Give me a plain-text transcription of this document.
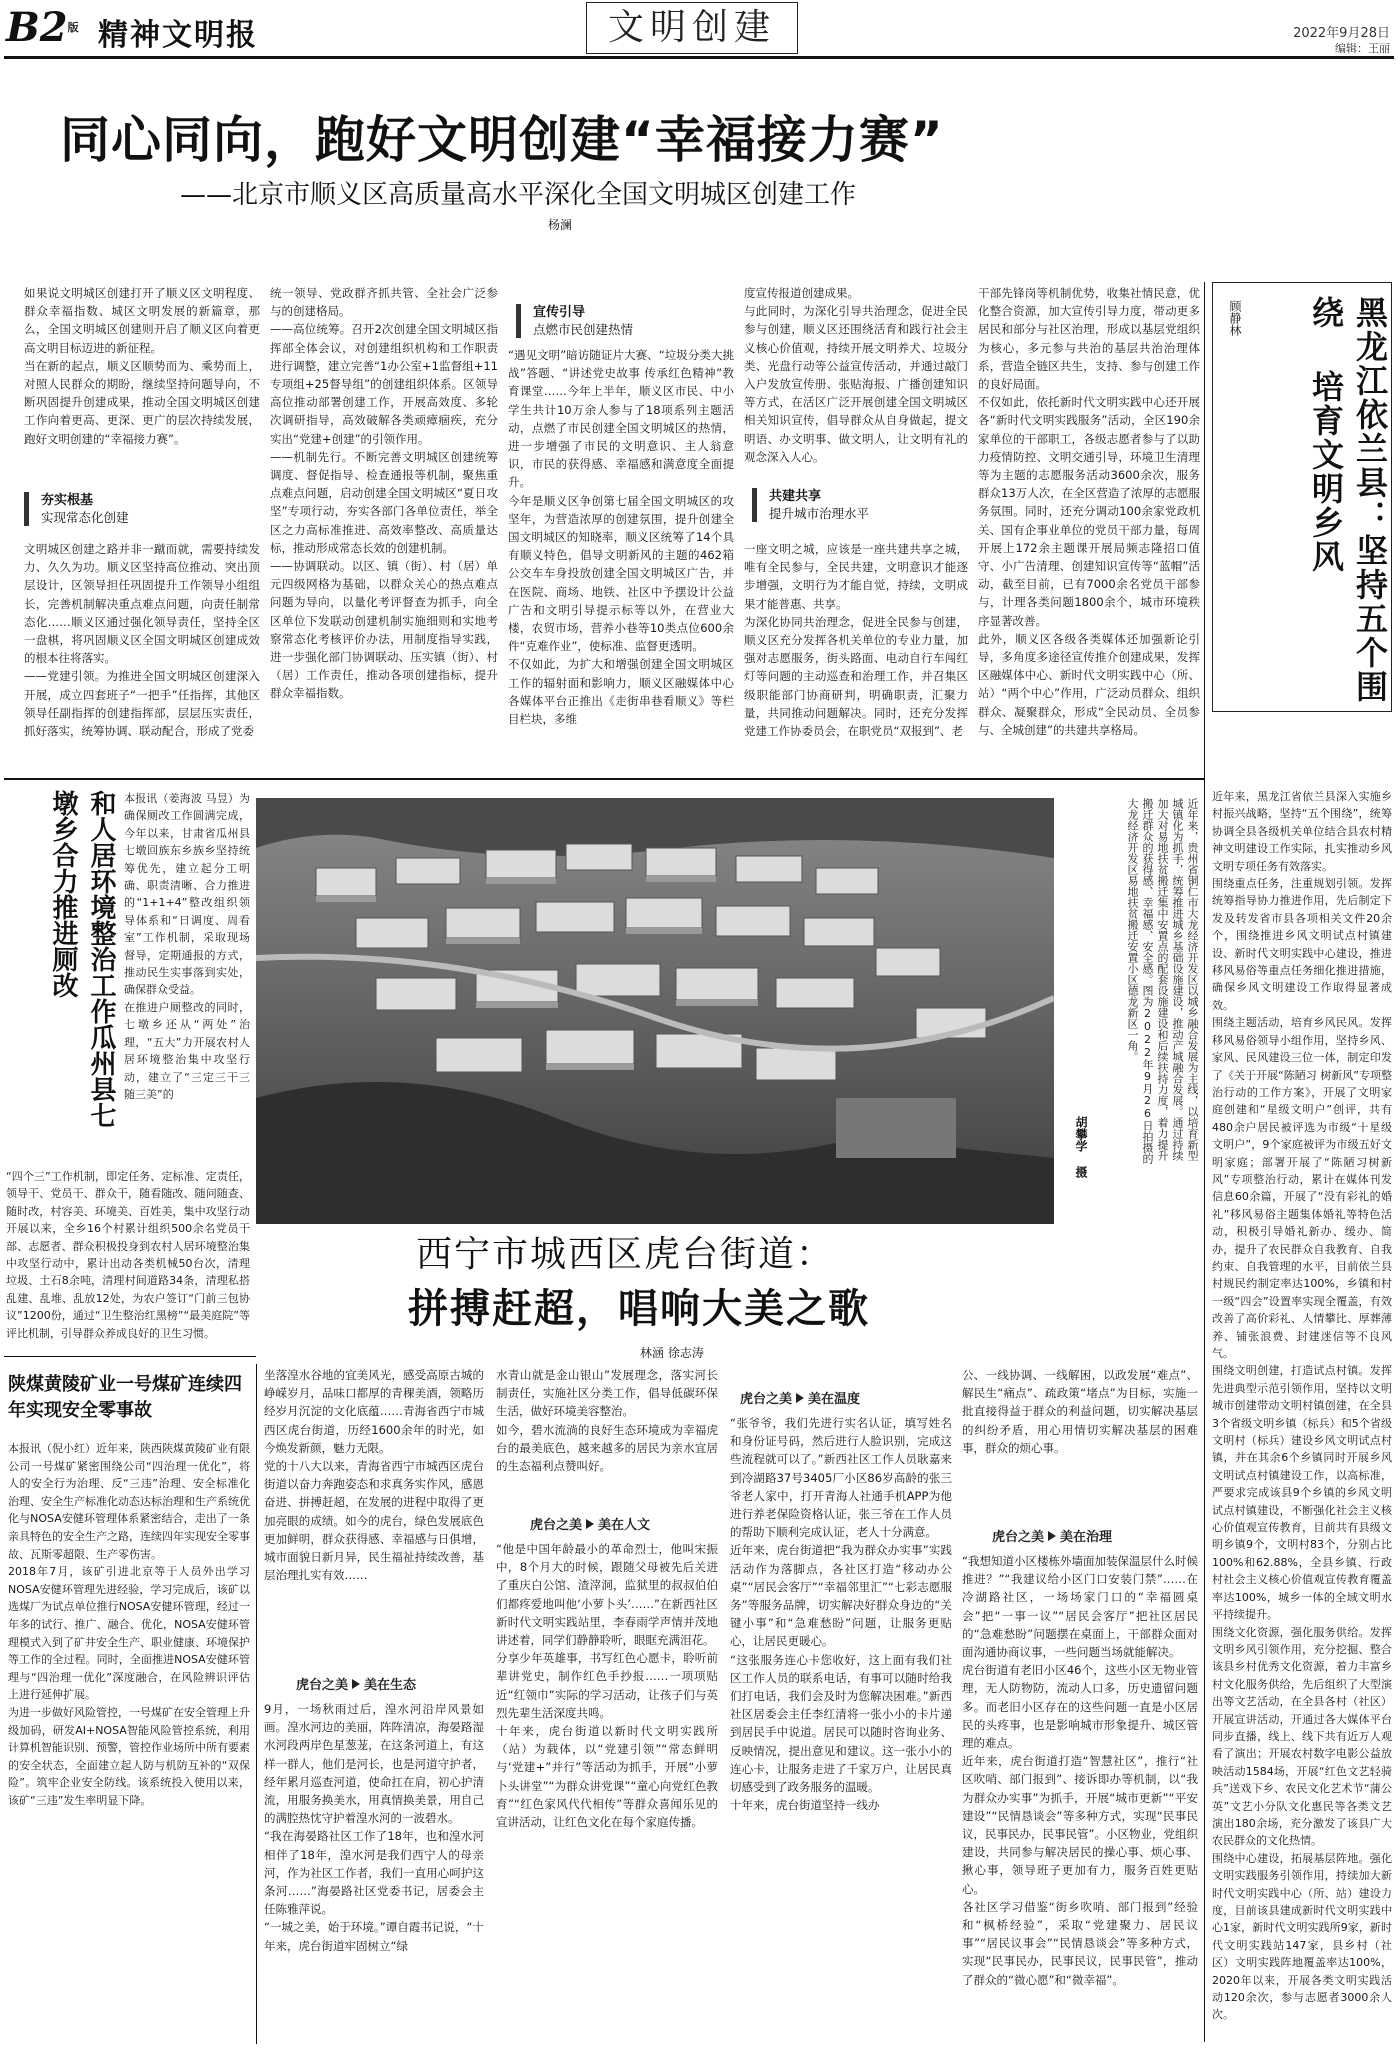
B2版 精神文明报	文明创建	2022年9月28日
编辑：王丽
同心同向，跑好文明创建“幸福接力赛”
——北京市顺义区高质量高水平深化全国文明城区创建工作
杨澜
如果说文明城区创建打开了顺义区文明程度、群众幸福指数、城区文明发展的新篇章，那么，全国文明城区创建则开启了顺义区向着更高文明目标迈进的新征程。
当在新的起点，顺义区顺势而为、乘势而上，对照人民群众的期盼，继续坚持问题导向，不断巩固提升创建成果，推动全国文明城区创建工作向着更高、更深、更广的层次持续发展，跑好文明创建的“幸福接力赛”。
夯实根基
实现常态化创建
文明城区创建之路并非一蹴而就，需要持续发力、久久为功。顺义区坚持高位推动、突出顶层设计，区领导担任巩固提升工作领导小组组长，完善机制解决重点难点问题，向责任制常态化……顺义区通过强化领导责任，坚持全区一盘棋，将巩固顺义区全国文明城区创建成效的根本往将落实。
——党建引领。为推进全国文明城区创建深入开展，成立四套班子“一把手”任指挥，其他区领导任副指挥的创建指挥部，层层压实责任，抓好落实，统筹协调、联动配合，形成了党委
统一领导、党政群齐抓共管、全社会广泛参与的创建格局。
——高位统筹。召开2次创建全国文明城区指挥部全体会议，对创建组织机构和工作职责进行调整，建立完善“1办公室+1监督组+11专项组+25督导组”的创建组织体系。区领导高位推动部署创建工作，开展高效度、多轮次调研指导，高效破解各类顽瘴痼疾，充分实出“党建+创建”的引领作用。
——机制先行。不断完善文明城区创建统筹调度、督促指导、检查通报等机制，聚焦重点难点问题，启动创建全国文明城区“夏日攻坚”专项行动，夯实各部门各单位责任，举全区之力高标准推进、高效率整改、高质量达标，推动形成常态长效的创建机制。
——协调联动。以区、镇（街）、村（居）单元四级网格为基础，以群众关心的热点难点问题为导向，以量化考评督查为抓手，向全区单位下发联动创建机制实施细则和实地考察常态化考核评价办法，用制度指导实践，进一步强化部门协调联动、压实镇（街）、村（居）工作责任，推动各项创建指标，提升群众幸福指数。
宣传引导
点燃市民创建热情
“遇见文明”暗访随证片大赛、“垃圾分类大挑战”答题、“讲述党史故事 传承红色精神”教育课堂……今年上半年，顺义区市民、中小学生共计10万余人参与了18项系列主题活动，点燃了市民创建全国文明城区的热情，进一步增强了市民的文明意识、主人翁意识，市民的获得感、幸福感和满意度全面提升。
今年是顺义区争创第七届全国文明城区的攻坚年，为营造浓厚的创建氛围，提升创建全国文明城区的知晓率，顺义区统筹了14个具有顺义特色，倡导文明新风的主题的462箱公交车车身投放创建全国文明城区广告，并在医院、商场、地铁、社区中予摆设计公益广告和文明引导提示标等以外，在营业大楼，农贸市场，营养小巷等10类点位600余件“克难作业”，使标准、监督更透明。
不仅如此，为扩大和增强创建全国文明城区工作的辐射面和影响力，顺义区融媒体中心各媒体平台正推出《走街串巷看顺义》等栏目栏块，多维
度宣传报道创建成果。
与此同时，为深化引导共治理念，促进全民参与创建，顺义区还围绕活育和践行社会主义核心价值观，持续开展文明养犬、垃圾分类、光盘行动等公益宣传活动，并通过敲门入户发放宣传册、张贴海报、广播创建知识等方式，在活区广泛开展创建全国文明城区相关知识宣传，倡导群众从自身做起，提文明语、办文明事、做文明人，让文明有礼的观念深入人心。
共建共享
提升城市治理水平
一座文明之城，应该是一座共建共享之城，唯有全民参与，全民共建，文明意识才能逐步增强，文明行为才能自觉，持续，文明成果才能普惠、共享。
为深化协同共治理念，促进全民参与创建，顺义区充分发挥各机关单位的专业力量，加强对志愿服务，街头路面、电动自行车闯红灯等问题的主动巡查和治理工作，并召集区级职能部门协商研判，明确职责，汇聚力量，共同推动问题解决。同时，还充分发挥党建工作协委员会，在职党员“双报到”、老
干部先锋岗等机制优势，收集社情民意，优化整合资源，加大宣传引导力度，带动更多居民和部分与社区治理，形成以基层党组织为核心，多元参与共治的基层共治治理体系，营造全链区共生，支持、参与创建工作的良好局面。
不仅如此，依托新时代文明实践中心还开展各“新时代文明实践服务”活动，全区190余家单位的干部职工，各级志愿者参与了以助力疫情防控、文明交通引导，环境卫生清理等为主题的志愿服务活动3600余次，服务群众13万人次，在全区营造了浓厚的志愿服务氛围。同时，还充分调动100余家党政机关、国有企事业单位的党员干部力量，每周开展上172余主题课开展局频志隆招口值守、小广告清理、创建知识宣传等“蓝帽”活动，截至目前，已有7000余名党员干部参与，计理各类问题1800余个，城市环境秩序显著改善。
此外，顺义区各级各类媒体还加强新论引导，多角度多途径宣传推介创建成果，发挥区融媒体中心、新时代文明实践中心（所、站）“两个中心”作用，广泛动员群众、组织群众、凝聚群众，形成“全民动员、全员参与、全城创建”的共建共享格局。
黑龙江依兰县：坚持五个围绕 培育文明乡风
顾静林
近年来，黑龙江省依兰县深入实施乡村振兴战略，坚持“五个围绕”，统筹协调全县各级机关单位结合县农村精神文明建设工作实际，扎实推动乡风文明专项任务有效落实。
围绕重点任务，注重规划引领。发挥统筹指导协力推进作用，先后制定下发及转发省市县各项相关文件20余个，围绕推进乡风文明试点村镇建设、新时代文明实践中心建设，推进移风易俗等重点任务细化推进措施，确保乡风文明建设工作取得显著成效。
围绕主题活动，培育乡风民风。发挥移风易俗领导小组作用，坚持乡风、家风、民风建设三位一体，制定印发了《关于开展“陈陋习 树新风”专项整治行动的工作方案》，开展了文明家庭创建和“星级文明户”创评，共有480余户居民被评选为市级“十星级文明户”，9个家庭被评为市级五好文明家庭；部署开展了“陈陋习树新风”专项整治行动，累计在媒体刊发信息60余篇，开展了“没有彩礼的婚礼”移风易俗主题集体婚礼等特色活动，积极引导婚礼新办、缓办、简办，提升了农民群众自我教育、自我约束、自我管理的水平，目前依兰县村规民约制定率达100%，乡镇和村一级“四会”设置率实现全覆盖，有效改善了高价彩礼、人情攀比、厚葬薄养、铺张浪费、封建迷信等不良风气。
围绕文明创建，打造试点村镇。发挥先进典型示范引领作用，坚持以文明城市创建带动文明村镇创建，在全县3个省级文明乡镇（标兵）和5个省级文明村（标兵）建设乡风文明试点村镇，并在其余6个乡镇同时开展乡风文明试点村镇建设工作，以高标准，严要求完成该县9个乡镇的乡风文明试点村镇建设，不断强化社会主义核心价值观宣传教育，目前共有县级文明乡镇9个，文明村83个，分别占比100%和62.88%，全县乡镇、行政村社会主义核心价值观宣传教育覆盖率达100%，城乡一体的全域文明水平持续提升。
围绕文化资源，强化服务供给。发挥文明乡风引领作用，充分挖掘、整合该县乡村优秀文化资源，着力丰富乡村文化服务供给，先后组织了大型演出等文艺活动，在全县各村（社区）开展宣讲活动，开通过各大媒体平台同步直播，线上、线下共有近万人观看了演出；开展农村数字电影公益放映活动1584场，开展“红色文艺轻骑兵”送戏下乡、农民文化艺术节“蒲公英”文艺小分队文化惠民等各类文艺演出180余场，充分激发了该县广大农民群众的文化热情。
围绕中心建设，拓展基层阵地。强化文明实践服务引领作用，持续加大新时代文明实践中心（所、站）建设力度，目前该县建成新时代文明实践中心1家，新时代文明实践所9家，新时代文明实践站147家，县乡村（社区）文明实践阵地覆盖率达100%，2020年以来，开展各类文明实践活动120余次，参与志愿者3000余人次。
和人居环境整治工作瓜州县七墩乡合力推进厕改	本报讯（姜海波 马昱）为确保厕改工作圆满完成，今年以来，甘肃省瓜州县七墩回族东乡族乡坚持统筹优先，建立起分工明确、职责清晰、合力推进的“1+1+4”整改组织领导体系和“日调度、周看室”工作机制，采取现场督导，定期通报的方式，推动民生实事落到实处，确保群众受益。
在推进户厕整改的同时，七墩乡还从“两处”治理，“五大”力开展农村人居环境整治集中攻坚行动，建立了“三定三干三随三美”的
“四个三”工作机制，即定任务、定标准、定责任，领导干、党员干、群众干，随看随改、随问随查、随时改，村容美、环境美、百姓美，集中攻坚行动开展以来，全乡16个村累计组织500余名党员干部、志愿者、群众积极投身到农村人居环境整治集中攻坚行动中，累计出动各类机械50台次，清理垃圾、土石8余吨，清理村间道路34条，清理私搭乱建、乱堆、乱放12处，为农户签订“门前三包协议”1200份，通过“卫生整治红黑榜”“最美庭院”等评比机制，引导群众养成良好的卫生习惯。
近年来，贵州省铜仁市大龙经济开发区以城乡融合发展为主线，以培育新型城镇化为抓手，统筹推进城乡基础设施建设，推动产城融合发展。通过持续加大对易地扶贫搬迁集中安置点的配套设施建设和后续扶持力度，着力提升搬迁群众的获得感、幸福感、安全感。图为2022年9月26日拍摄的大龙经济开发区易地扶贫搬迁安置小区德龙新区一角。
胡攀学 摄
西宁市城西区虎台街道：
拼搏赶超，唱响大美之歌
林涵 徐志涛
陕煤黄陵矿业一号煤矿连续四年实现安全零事故
本报讯（倪小红）近年来，陕西陕煤黄陵矿业有限公司一号煤矿紧密围绕公司“四治理一优化”，将人的安全行为治理、反“三违”治理、安全标准化治理、安全生产标准化动态达标治理和生产系统优化与NOSA安健环管理体系紧密结合，走出了一条亲具特色的安全生产之路，连续四年实现安全零事故、瓦斯零超限、生产零伤害。
2018年7月，该矿引进北京等于人员外出学习NOSA安健环管理先进经验，学习完成后，该矿以选煤厂为试点单位推行NOSA安健环管理，经过一年多的试行、推广、融合、优化，NOSA安健环管理模式入到了矿井安全生产、职业健康、环境保护等工作的全过程。同时，全面推进NOSA安健环管理与“四治理一优化”深度融合，在风险辨识评估上进行延伸扩展。
为进一步做好风险管控，一号煤矿在安全管理上升级加码，研发AI+NOSA智能风险管控系统，利用计算机智能识别、预警，管控作业场所中所有要素的安全状态，全面建立起人防与机防互补的“双保险”。筑牢企业安全防线。该系统投入使用以来，该矿“三违”发生率明显下降。
坐落湟水谷地的宜美风光，感受高原古城的峥嵘岁月，品味口都厚的青稞美酒，领略历经岁月沉淀的文化底蕴……青海省西宁市城西区虎台街道，历经1600余年的时光，如今焕发新颜，魅力无限。
党的十八大以来，青海省西宁市城西区虎台街道以奋力奔跑姿态和求真务实作风，感恩奋进、拼搏赶超，在发展的进程中取得了更加亮眼的成绩。如今的虎台，绿色发展底色更加鲜明，群众获得感、幸福感与日俱增，城市面貌日新月异，民生福祉持续改善，基层治理扎实有效……
虎台之美 美在生态
9月，一场秋雨过后，湟水河沿岸风景如画。湟水河边的美丽，阵阵清凉，海晏路湿水河段两岸色星葱茏，在这条河道上，有这样一群人，他们是河长，也是河道守护者，经年累月巡查河道，使命扛在肩，初心护清流，用服务换美水，用真情换美景，用自己的满腔热忱守护着湟水河的一波碧水。
“我在海晏路社区工作了18年，也和湟水河相伴了18年，湟水河是我们西宁人的母亲河，作为社区工作者，我们一直用心呵护这条河……”海晏路社区党委书记，居委会主任陈雅萍说。
“一城之美，始于环境。”谭自霞书记说，“十年来，虎台街道牢固树立“绿
水青山就是金山银山”发展理念，落实河长制责任，实施社区分类工作，倡导低碳环保生活，做好环境美容整治。
如今，碧水流淌的良好生态环境成为幸福虎台的最美底色，越来越多的居民为亲水宜居的生态福利点赞叫好。
虎台之美 美在人文
“他是中国年龄最小的革命烈士，他叫宋振中，8个月大的时候，跟随父母被先后关进了重庆白公馆、渣滓洞，监狱里的叔叔伯伯们都疼爱地叫他‘小萝卜头’……”在新西社区新时代文明实践站里，李春雨学声情并茂地讲述着，同学们静静聆听，眼眶充满泪花。
分享少年英雄事，书写红色心愿卡，聆听前辈讲党史，制作红色手抄报……一项项贴近“红领巾”实际的学习活动，让孩子们与英烈先辈生活深度共鸣。
十年来，虎台街道以新时代文明实践所（站）为载体，以“党建引领”“常态鲜明与‘党建+”并行”等活动为抓手，开展“小萝卜头讲堂”“为群众讲党课”“童心向党红色教育”“红色家风代代相传”等群众喜闻乐见的宣讲活动，让红色文化在每个家庭传播。
虎台之美 美在温度
“张爷爷，我们先进行实名认证，填写姓名和身份证号码，然后进行人脸识别，完成这些流程就可以了。”新西社区工作人员耿嘉来到冷湖路37号3405厂小区86岁高龄的张三爷老人家中，打开青海人社通手机APP为他进行养老保险资格认证，张三爷在工作人员的帮助下顺利完成认证，老人十分满意。
近年来，虎台街道把“我为群众办实事”实践活动作为落脚点，各社区打造“移动办公桌”“居民会客厅”“幸福邻里汇”“七彩志愿服务”等服务品牌，切实解决好群众身边的“关键小事”和“急难愁盼”问题，让服务更贴心，让居民更暖心。
“这张服务连心卡您收好，这上面有我们社区工作人员的联系电话，有事可以随时给我们打电话，我们会及时为您解决困难。”新西社区居委会主任李红清将一张小小的卡片递到居民手中说道。居民可以随时咨询业务、反映情况，提出意见和建议。这一张小小的连心卡，让服务走进了千家万户，让居民真切感受到了政务服务的温暖。
十年来，虎台街道坚持一线办
公、一线协调、一线解困，以政发展“难点”、解民生“痛点”、疏政策“堵点”为目标，实施一批直接得益于群众的利益问题，切实解决基层的纠纷矛盾，用心用情切实解决基层的困难事，群众的烦心事。
虎台之美 美在治理
“我想知道小区楼栋外墙面加装保温层什么时候推进？”“我建议给小区门口安装门禁”……在冷湖路社区，一场场家门口的“幸福圆桌会”把“一事一议”“居民会客厅”把社区居民的“急难愁盼”问题摆在桌面上，干部群众面对面沟通协商议事，一些问题当场就能解决。
虎台街道有老旧小区46个，这些小区无物业管理，无人防物防，流动人口多，历史遗留问题多。而老旧小区存在的这些问题一直是小区居民的头疼事，也是影响城市形象提升、城区管理的难点。
近年来，虎台街道打造“智慧社区”，推行“社区吹哨、部门报到”、接诉即办等机制，以“我为群众办实事”为抓手，开展“城市更新”“平安建设”“民情恳谈会”等多种方式，实现“民事民议，民事民办，民事民管”。小区物业，党组织建设，共同参与解决居民的操心事、烦心事、揪心事，领导班子更加有力，服务百姓更贴心。
各社区学习借鉴“街乡吹哨、部门报到”经验和“枫桥经验”，采取“党建聚力、居民议事”“居民议事会”“民情恳谈会”等多种方式，实现“民事民办，民事民议，民事民管”，推动了群众的“微心愿”和“微幸福”。
